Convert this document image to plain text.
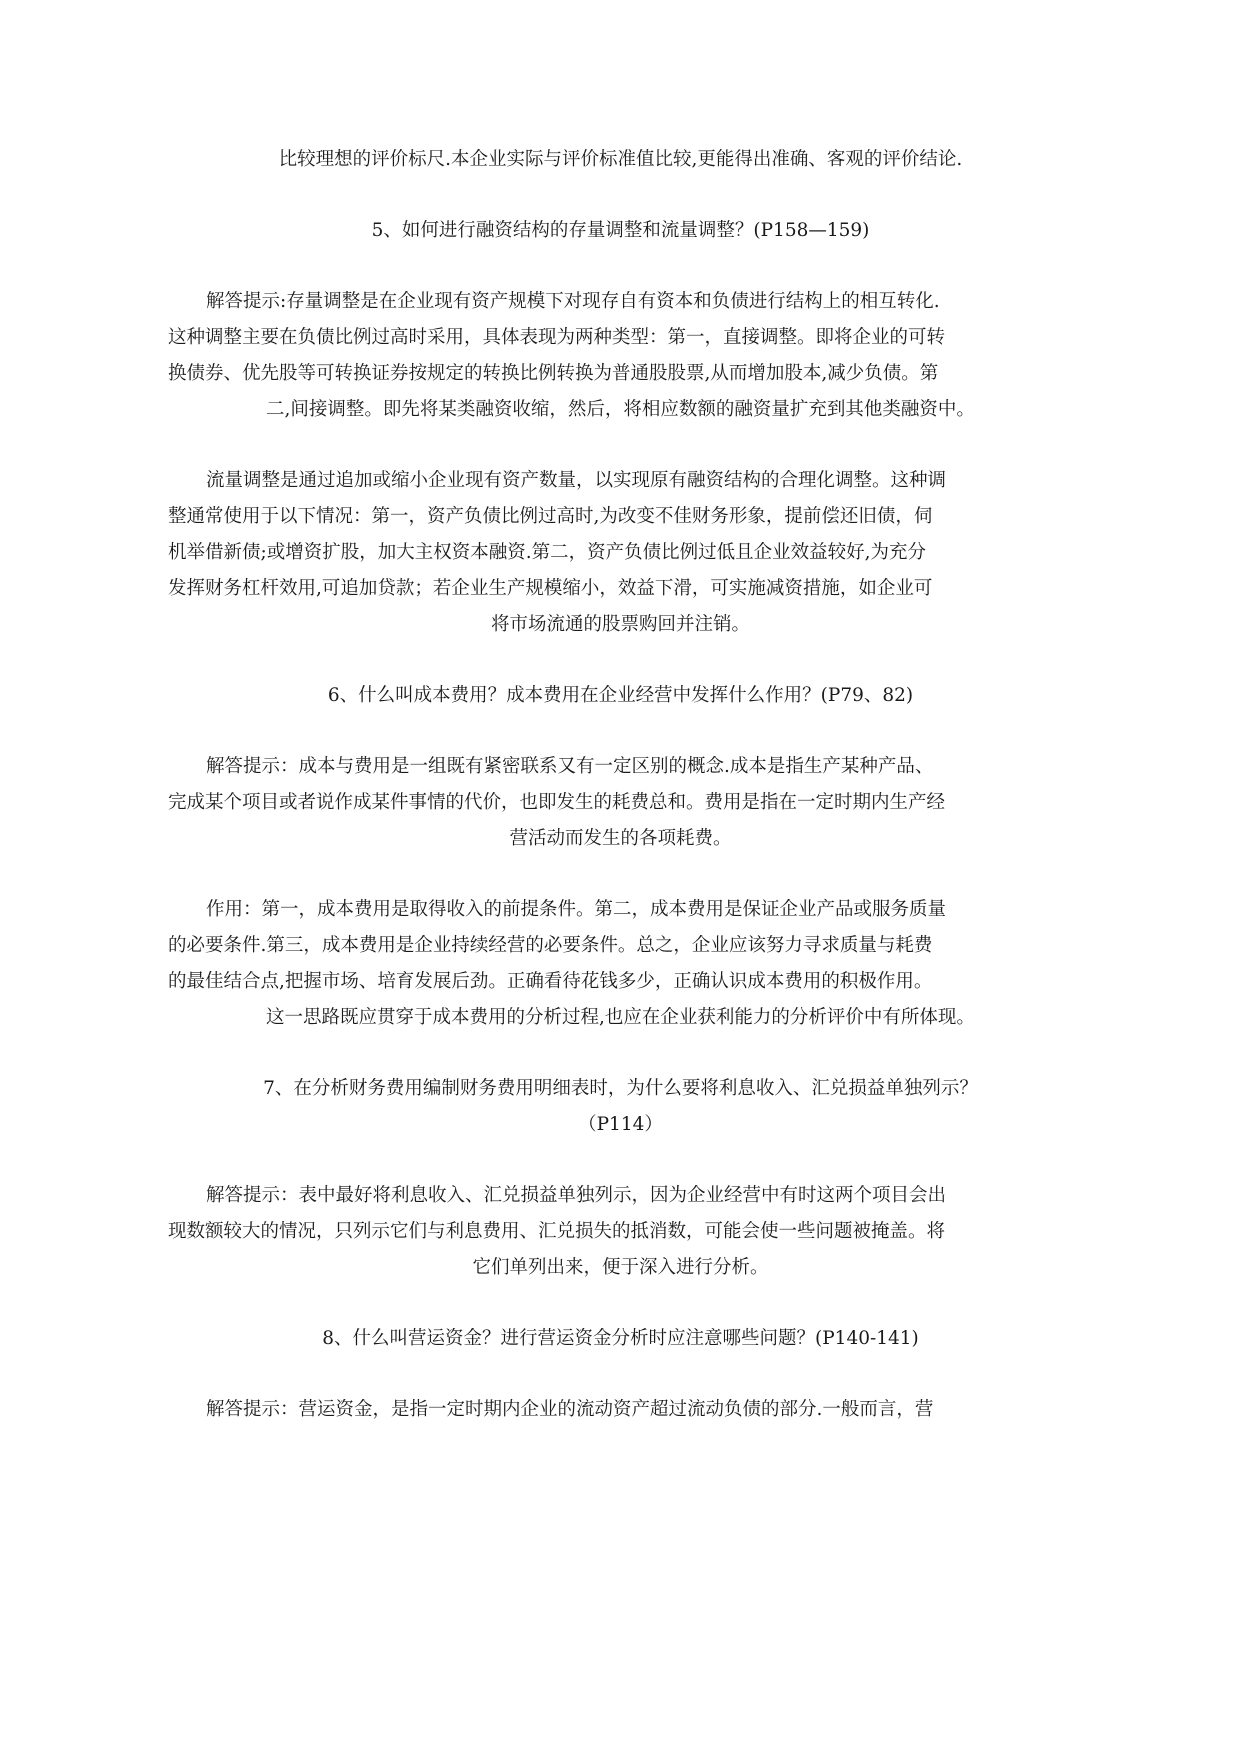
比较理想的评价标尺.本企业实际与评价标准值比较,更能得出准确、客观的评价结论.
5、如何进行融资结构的存量调整和流量调整？(P158—159)
解答提示:存量调整是在企业现有资产规模下对现存自有资本和负债进行结构上的相互转化.
这种调整主要在负债比例过高时采用，具体表现为两种类型：第一，直接调整。即将企业的可转
换债券、优先股等可转换证券按规定的转换比例转换为普通股股票,从而增加股本,减少负债。第
二,间接调整。即先将某类融资收缩，然后，将相应数额的融资量扩充到其他类融资中。
流量调整是通过追加或缩小企业现有资产数量，以实现原有融资结构的合理化调整。这种调
整通常使用于以下情况：第一，资产负债比例过高时,为改变不佳财务形象，提前偿还旧债，伺
机举借新债;或增资扩股，加大主权资本融资.第二，资产负债比例过低且企业效益较好,为充分
发挥财务杠杆效用,可追加贷款；若企业生产规模缩小，效益下滑，可实施减资措施，如企业可
将市场流通的股票购回并注销。
6、什么叫成本费用？成本费用在企业经营中发挥什么作用？(P79、82)
解答提示：成本与费用是一组既有紧密联系又有一定区别的概念.成本是指生产某种产品、
完成某个项目或者说作成某件事情的代价，也即发生的耗费总和。费用是指在一定时期内生产经
营活动而发生的各项耗费。
作用：第一，成本费用是取得收入的前提条件。第二，成本费用是保证企业产品或服务质量
的必要条件.第三，成本费用是企业持续经营的必要条件。总之，企业应该努力寻求质量与耗费
的最佳结合点,把握市场、培育发展后劲。正确看待花钱多少，正确认识成本费用的积极作用。
这一思路既应贯穿于成本费用的分析过程,也应在企业获利能力的分析评价中有所体现。
7、在分析财务费用编制财务费用明细表时，为什么要将利息收入、汇兑损益单独列示？
（P114）
解答提示：表中最好将利息收入、汇兑损益单独列示，因为企业经营中有时这两个项目会出
现数额较大的情况，只列示它们与利息费用、汇兑损失的抵消数，可能会使一些问题被掩盖。将
它们单列出来，便于深入进行分析。
8、什么叫营运资金？进行营运资金分析时应注意哪些问题？(P140-141)
解答提示：营运资金，是指一定时期内企业的流动资产超过流动负债的部分.一般而言，营
